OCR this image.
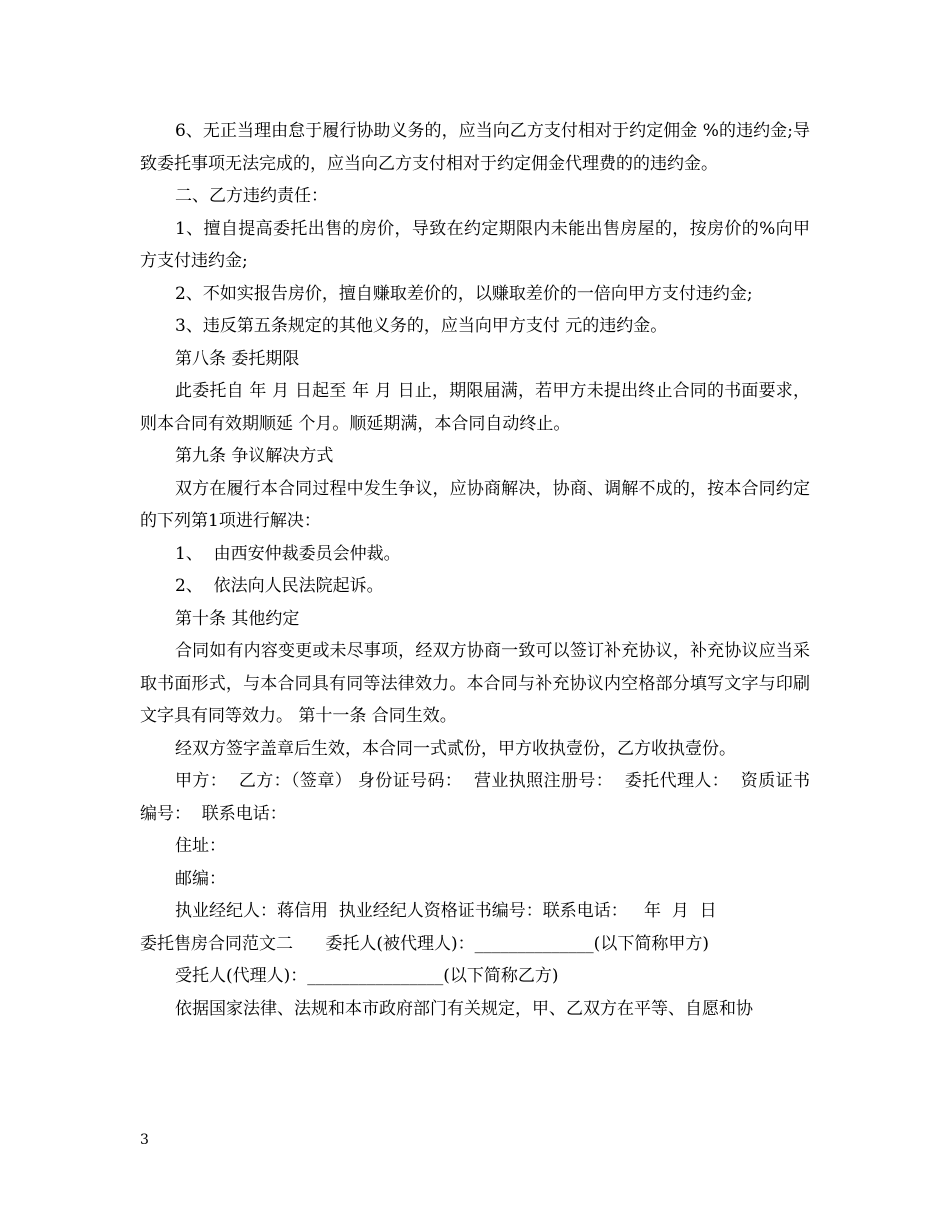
6、无正当理由怠于履行协助义务的，应当向乙方支付相对于约定佣金 %的违约金;导致委托事项无法完成的，应当向乙方支付相对于约定佣金代理费的的违约金。

二、乙方违约责任：

1、擅自提高委托出售的房价，导致在约定期限内未能出售房屋的，按房价的%向甲方支付违约金;

2、不如实报告房价，擅自赚取差价的，以赚取差价的一倍向甲方支付违约金;

3、违反第五条规定的其他义务的，应当向甲方支付 元的违约金。

第八条 委托期限

此委托自 年 月 日起至 年 月 日止，期限届满，若甲方未提出终止合同的书面要求，则本合同有效期顺延 个月。顺延期满，本合同自动终止。

第九条 争议解决方式

双方在履行本合同过程中发生争议，应协商解决，协商、调解不成的，按本合同约定的下列第1项进行解决：

1、  由西安仲裁委员会仲裁。

2、  依法向人民法院起诉。

第十条 其他约定

合同如有内容变更或未尽事项，经双方协商一致可以签订补充协议，补充协议应当采取书面形式，与本合同具有同等法律效力。本合同与补充协议内空格部分填写文字与印刷文字具有同等效力。 第十一条 合同生效。

经双方签字盖章后生效，本合同一式贰份，甲方收执壹份，乙方收执壹份。

甲方：  乙方：（签章） 身份证号码：  营业执照注册号：  委托代理人：  资质证书编号：  联系电话：

住址：

邮编：

执业经纪人：蒋信用  执业经纪人资格证书编号：联系电话：   年  月  日

委托售房合同范文二      委托人(被代理人)：______________(以下简称甲方)

受托人(代理人)：________________(以下简称乙方)

依据国家法律、法规和本市政府部门有关规定，甲、乙双方在平等、自愿和协

3
